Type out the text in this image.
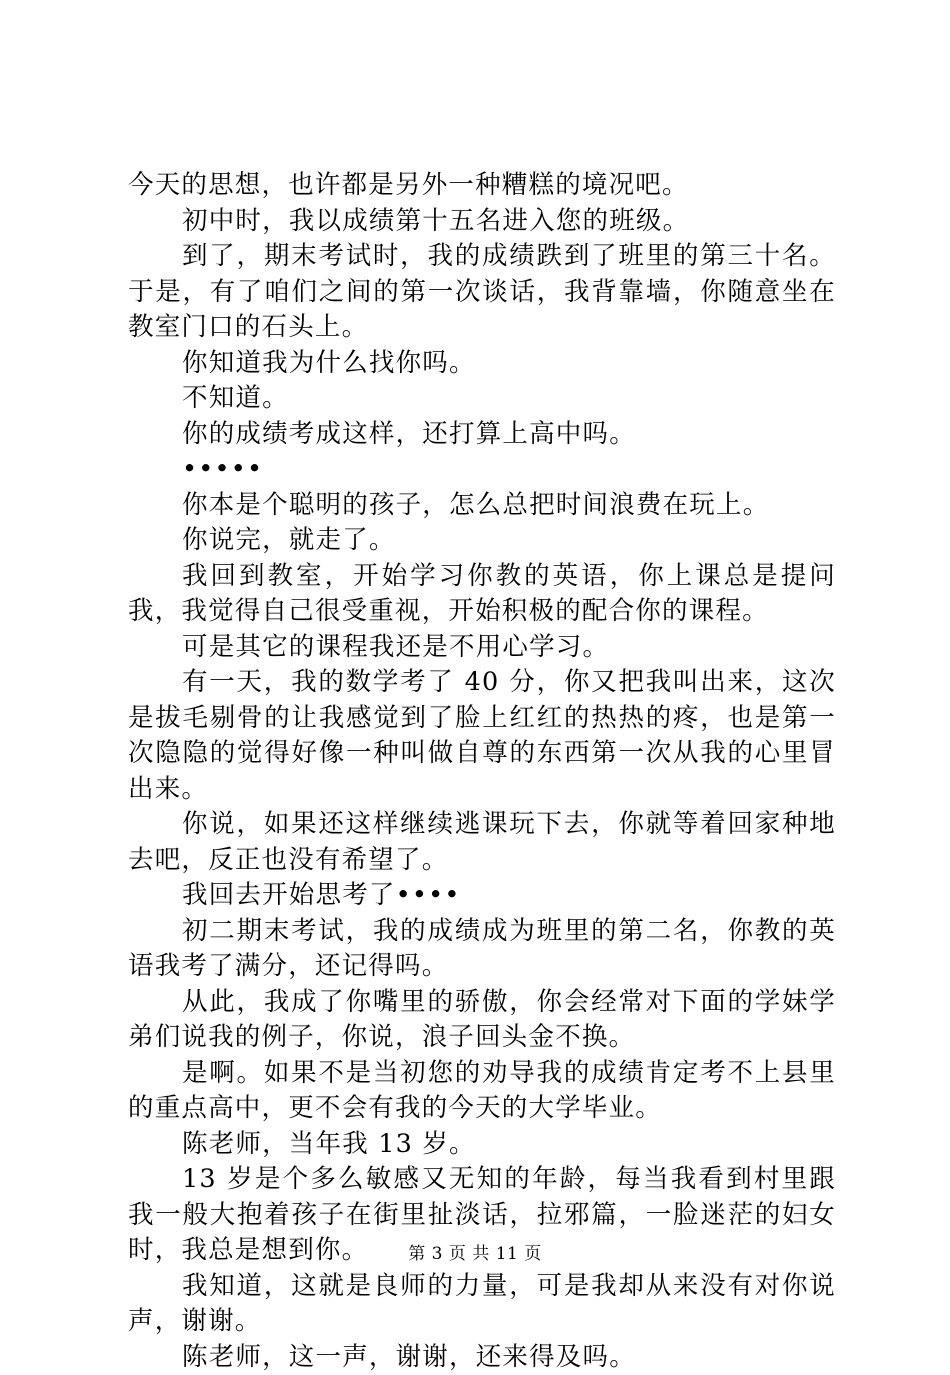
今天的思想，也许都是另外一种糟糕的境况吧。

初中时，我以成绩第十五名进入您的班级。

到了，期末考试时，我的成绩跌到了班里的第三十名。于是，有了咱们之间的第一次谈话，我背靠墙，你随意坐在教室门口的石头上。

你知道我为什么找你吗。

不知道。

你的成绩考成这样，还打算上高中吗。

•••••

你本是个聪明的孩子，怎么总把时间浪费在玩上。

你说完，就走了。

我回到教室，开始学习你教的英语，你上课总是提问我，我觉得自己很受重视，开始积极的配合你的课程。

可是其它的课程我还是不用心学习。

有一天，我的数学考了 40 分，你又把我叫出来，这次是拔毛剔骨的让我感觉到了脸上红红的热热的疼，也是第一次隐隐的觉得好像一种叫做自尊的东西第一次从我的心里冒出来。

你说，如果还这样继续逃课玩下去，你就等着回家种地去吧，反正也没有希望了。

我回去开始思考了••••

初二期末考试，我的成绩成为班里的第二名，你教的英语我考了满分，还记得吗。

从此，我成了你嘴里的骄傲，你会经常对下面的学妹学弟们说我的例子，你说，浪子回头金不换。

是啊。如果不是当初您的劝导我的成绩肯定考不上县里的重点高中，更不会有我的今天的大学毕业。

陈老师，当年我 13 岁。

13 岁是个多么敏感又无知的年龄，每当我看到村里跟我一般大抱着孩子在街里扯淡话，拉邪篇，一脸迷茫的妇女时，我总是想到你。

我知道，这就是良师的力量，可是我却从来没有对你说声，谢谢。

陈老师，这一声，谢谢，还来得及吗。

第 3 页 共 11 页
